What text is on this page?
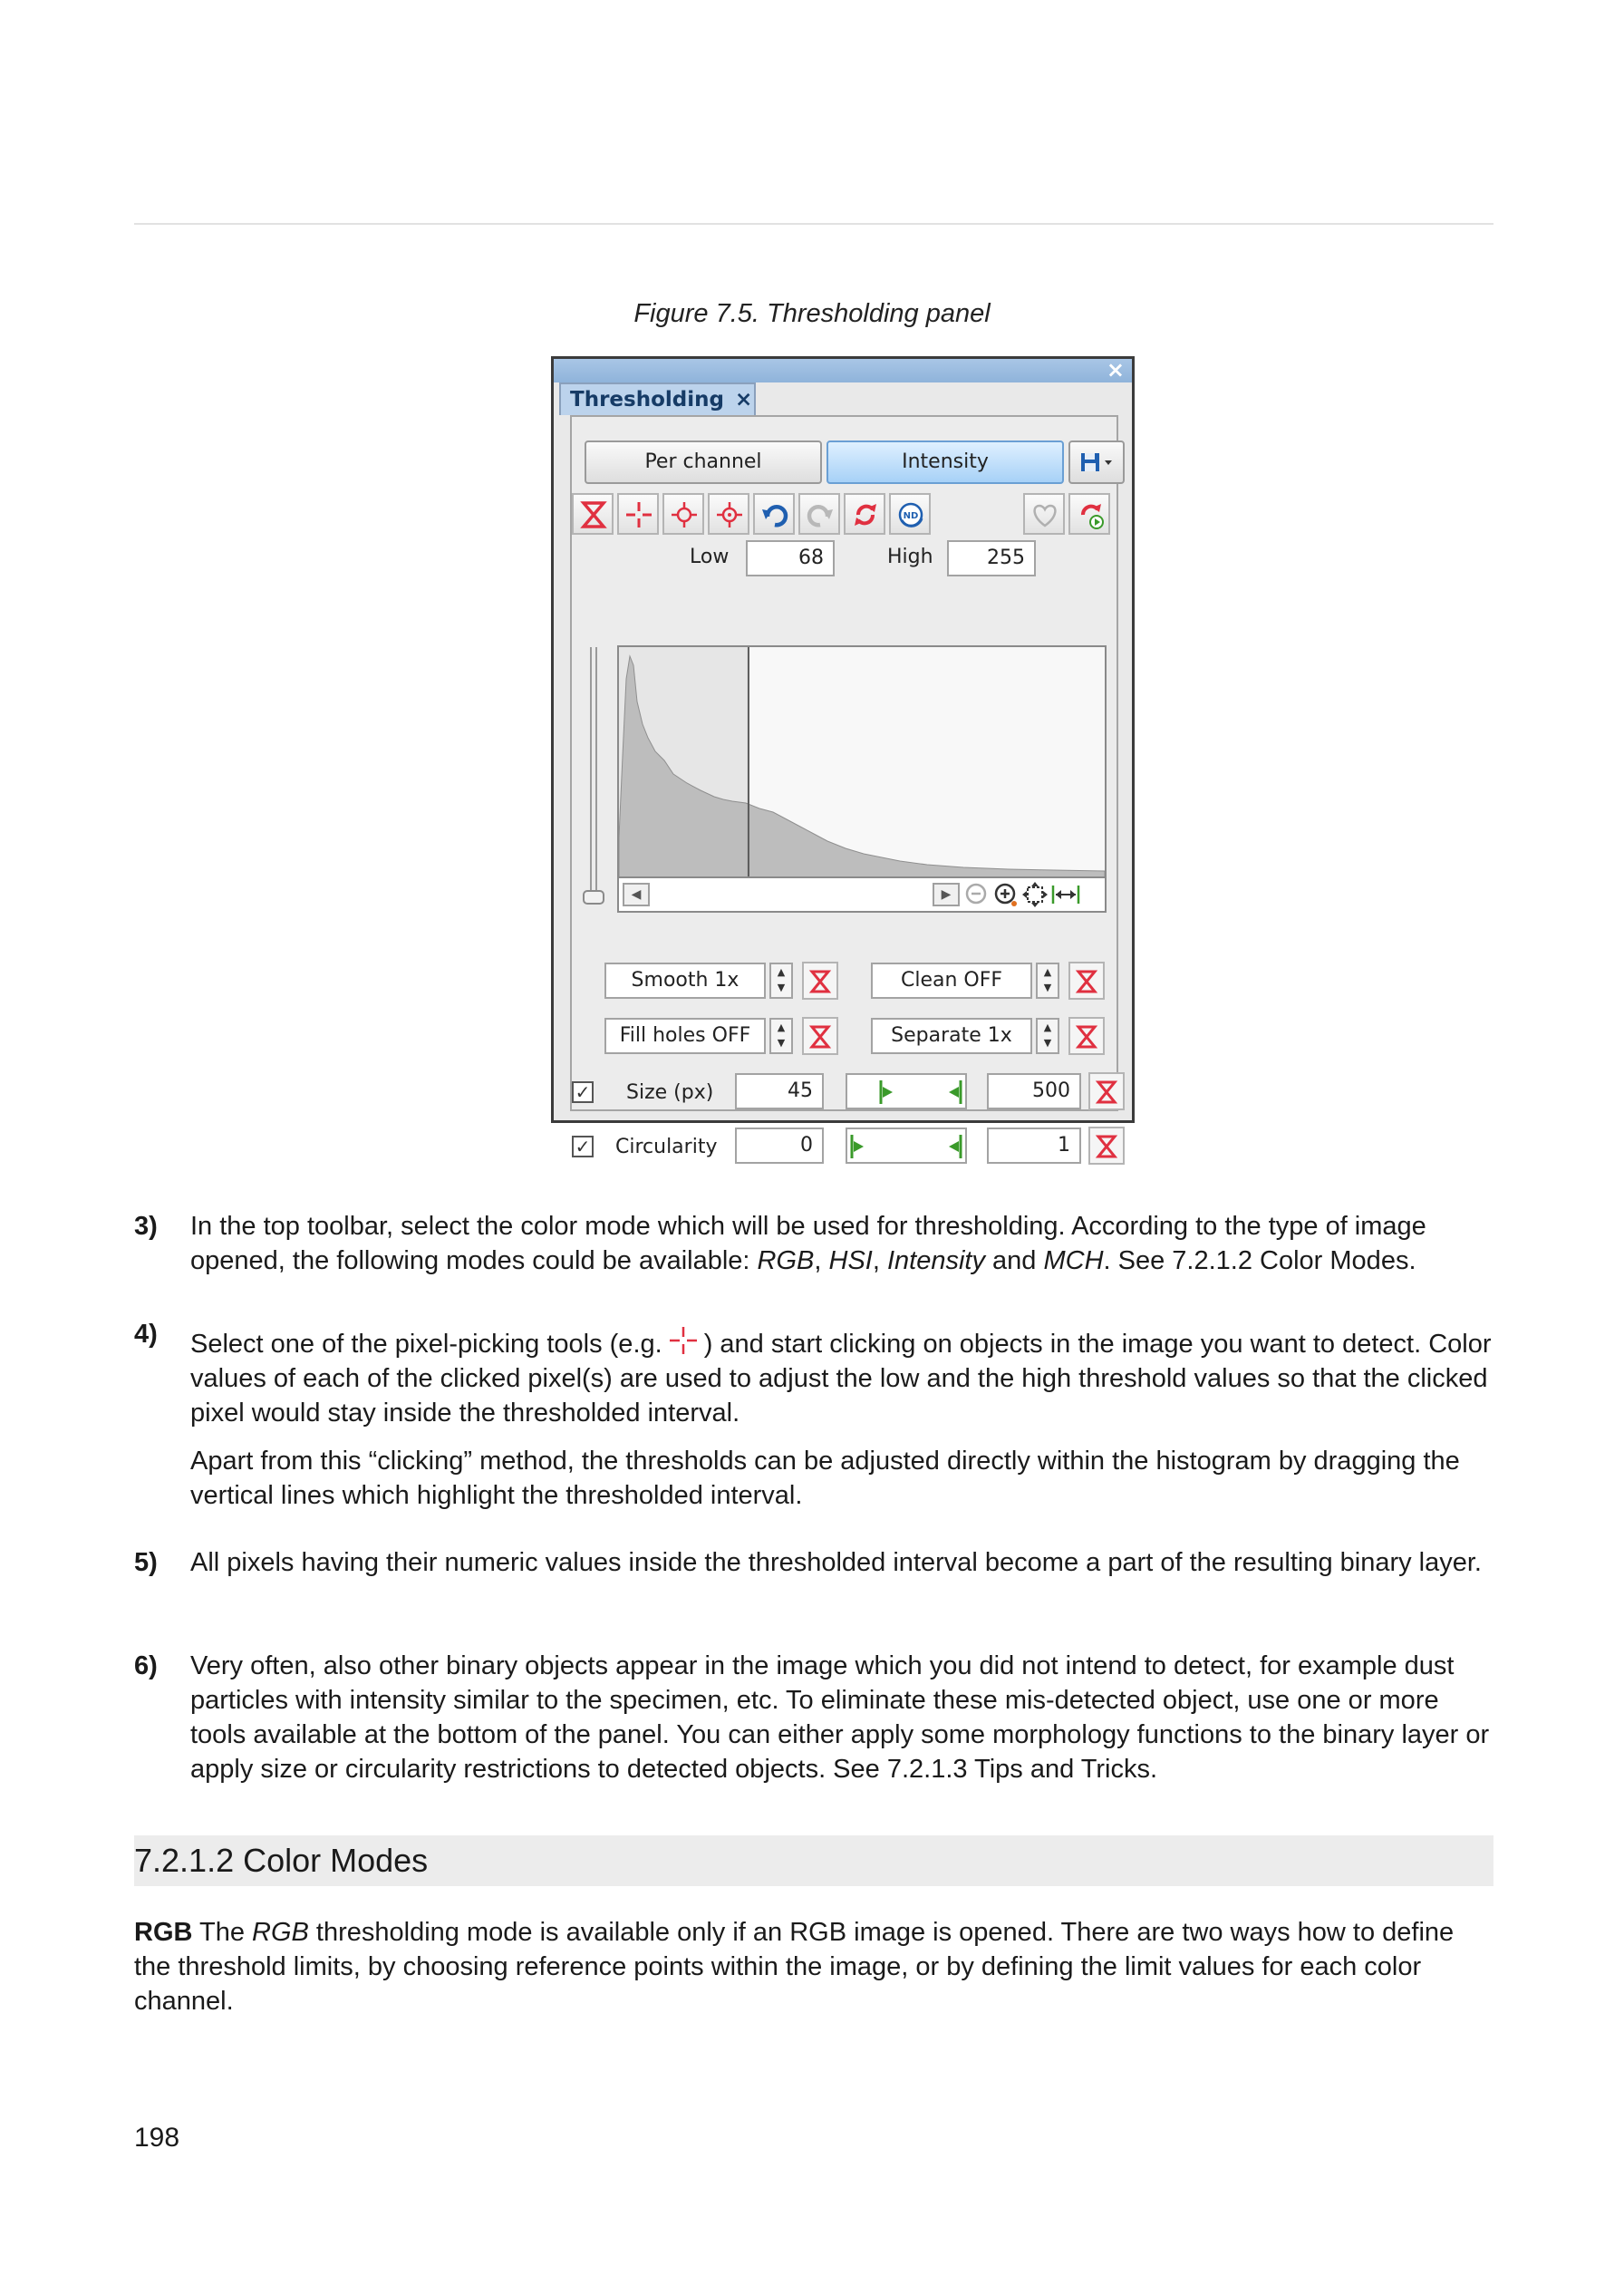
Figure 7.5. Thresholding panel
×
Thresholding ×
Per channel	Intensity
ND
Low	68	High	255
◀	▶
Smooth 1x	▲
▼	Clean OFF	▲
▼
Fill holes OFF	▲
▼	Separate 1x	▲
▼
✓ Size (px)	45	500
✓ Circularity	0	1
3) In the top toolbar, select the color mode which will be used for thresholding. According to the type of image opened, the following modes could be available: RGB, HSI, Intensity and MCH. See 7.2.1.2 Color Modes.
4) Select one of the pixel-picking tools (e.g. ) and start clicking on objects in the image you want to detect. Color values of each of the clicked pixel(s) are used to adjust the low and the high threshold values so that the clicked pixel would stay inside the thresholded interval.

Apart from this “clicking” method, the thresholds can be adjusted directly within the histogram by dragging the vertical lines which highlight the thresholded interval.

5) All pixels having their numeric values inside the thresholded interval become a part of the resulting binary layer.
6) Very often, also other binary objects appear in the image which you did not intend to detect, for example dust particles with intensity similar to the specimen, etc. To eliminate these mis-detected object, use one or more tools available at the bottom of the panel. You can either apply some morphology functions to the binary layer or apply size or circularity restrictions to detected objects. See 7.2.1.3 Tips and Tricks.
7.2.1.2 Color Modes
RGB The RGB thresholding mode is available only if an RGB image is opened. There are two ways how to define the threshold limits, by choosing reference points within the image, or by defining the limit values for each color channel.
198
